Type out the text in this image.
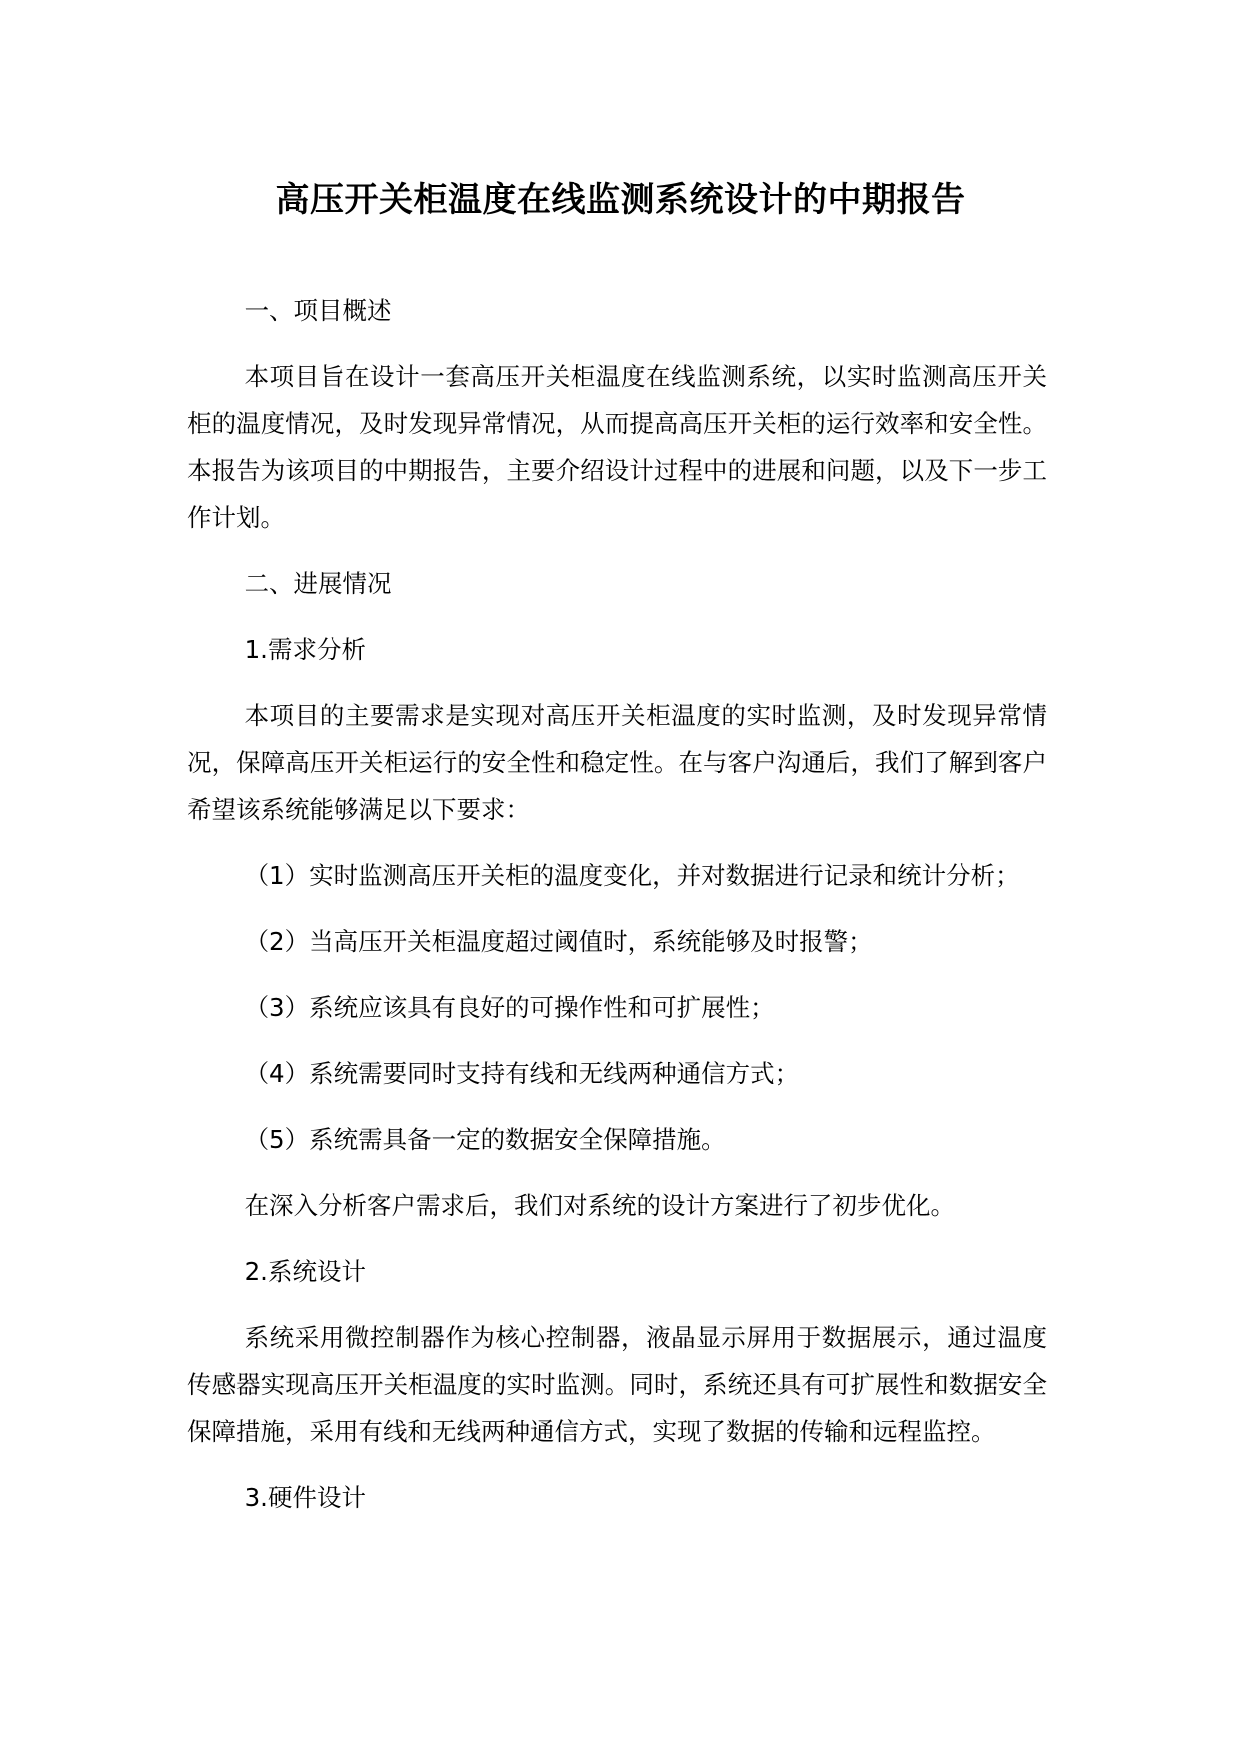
高压开关柜温度在线监测系统设计的中期报告

一、项目概述

本项目旨在设计一套高压开关柜温度在线监测系统，以实时监测高压开关柜的温度情况，及时发现异常情况，从而提高高压开关柜的运行效率和安全性。本报告为该项目的中期报告，主要介绍设计过程中的进展和问题，以及下一步工作计划。

二、进展情况

1.需求分析

本项目的主要需求是实现对高压开关柜温度的实时监测，及时发现异常情况，保障高压开关柜运行的安全性和稳定性。在与客户沟通后，我们了解到客户希望该系统能够满足以下要求：

（1）实时监测高压开关柜的温度变化，并对数据进行记录和统计分析；

（2）当高压开关柜温度超过阈值时，系统能够及时报警；

（3）系统应该具有良好的可操作性和可扩展性；

（4）系统需要同时支持有线和无线两种通信方式；

（5）系统需具备一定的数据安全保障措施。

在深入分析客户需求后，我们对系统的设计方案进行了初步优化。

2.系统设计

系统采用微控制器作为核心控制器，液晶显示屏用于数据展示，通过温度传感器实现高压开关柜温度的实时监测。同时，系统还具有可扩展性和数据安全保障措施，采用有线和无线两种通信方式，实现了数据的传输和远程监控。

3.硬件设计
